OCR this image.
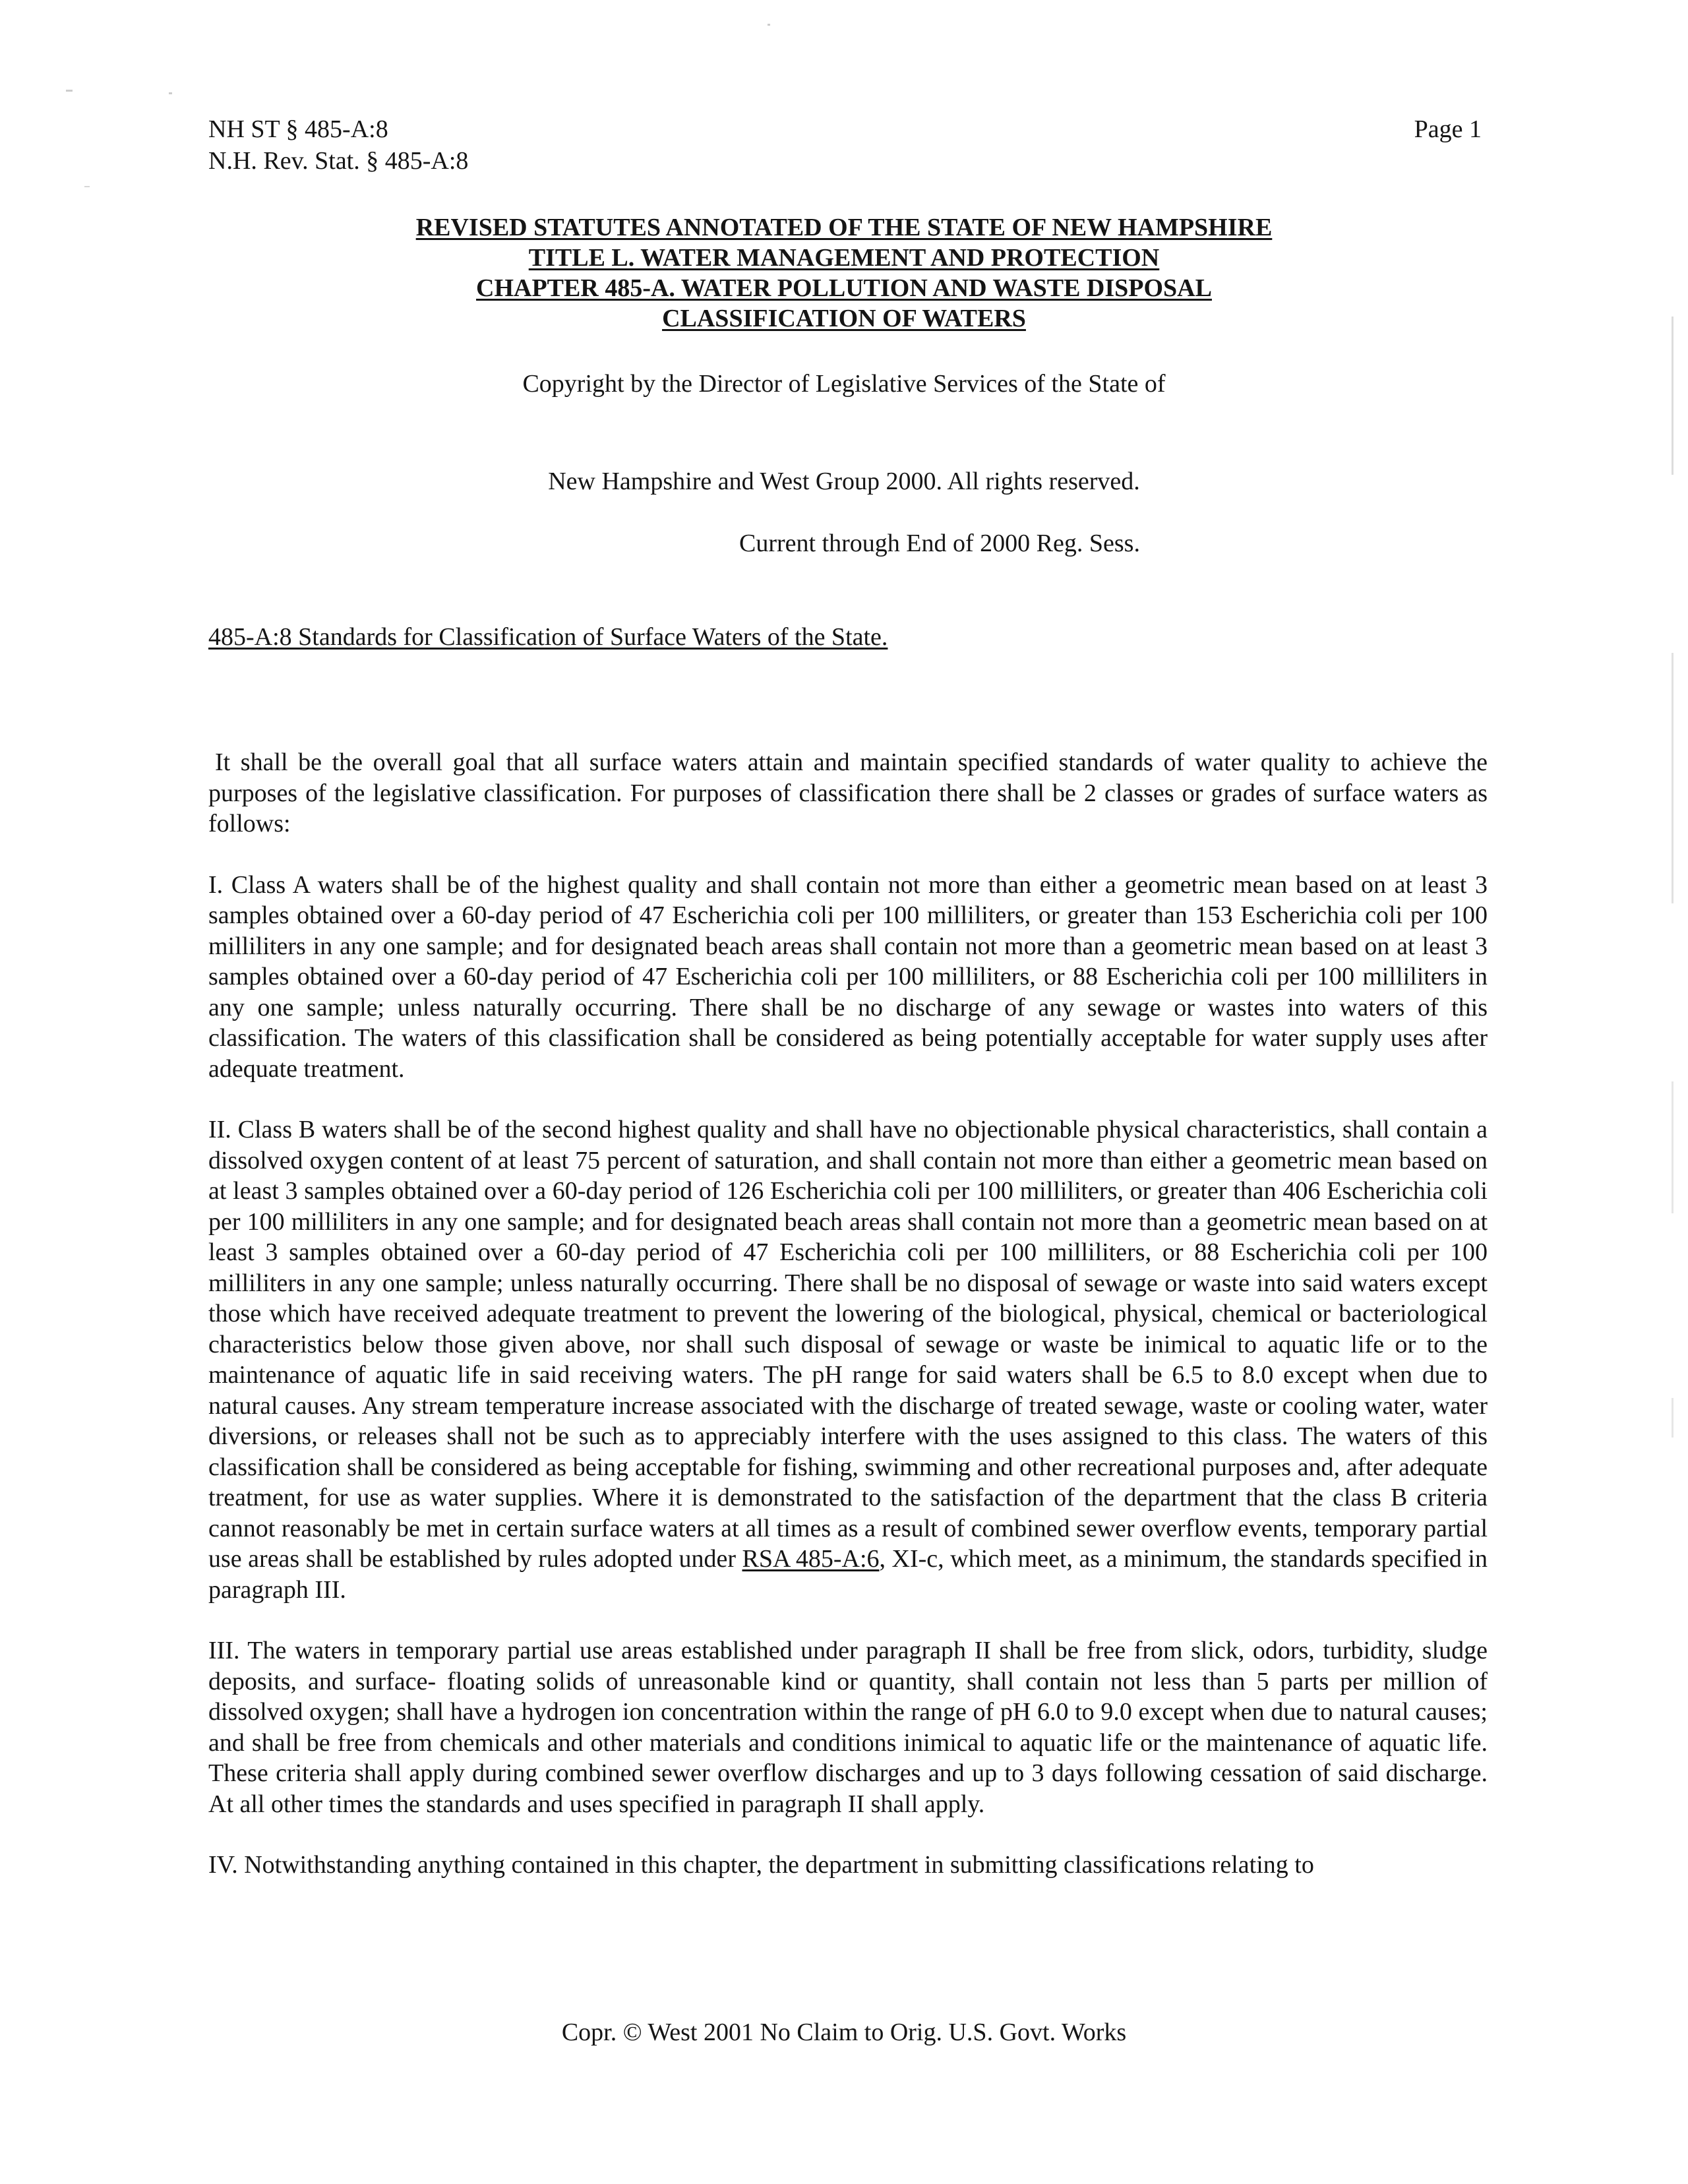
NH ST § 485-A:8
N.H. Rev. Stat. § 485-A:8
Page 1
REVISED STATUTES ANNOTATED OF THE STATE OF NEW HAMPSHIRE
TITLE L. WATER MANAGEMENT AND PROTECTION
CHAPTER 485-A. WATER POLLUTION AND WASTE DISPOSAL
CLASSIFICATION OF WATERS
Copyright by the Director of Legislative Services of the State of
New Hampshire and West Group 2000. All rights reserved.
Current through End of 2000 Reg. Sess.
485-A:8 Standards for Classification of Surface Waters of the State.

It shall be the overall goal that all surface waters attain and maintain specified standards of water quality to achieve the purposes of the legislative classification. For purposes of classification there shall be 2 classes or grades of surface waters as follows:

I. Class A waters shall be of the highest quality and shall contain not more than either a geometric mean based on at least 3 samples obtained over a 60-day period of 47 Escherichia coli per 100 milliliters, or greater than 153 Escherichia coli per 100 milliliters in any one sample; and for designated beach areas shall contain not more than a geometric mean based on at least 3 samples obtained over a 60-day period of 47 Escherichia coli per 100 milliliters, or 88 Escherichia coli per 100 milliliters in any one sample; unless naturally occurring. There shall be no discharge of any sewage or wastes into waters of this classification. The waters of this classification shall be considered as being potentially acceptable for water supply uses after adequate treatment.

II. Class B waters shall be of the second highest quality and shall have no objectionable physical characteristics, shall contain a dissolved oxygen content of at least 75 percent of saturation, and shall contain not more than either a geometric mean based on at least 3 samples obtained over a 60-day period of 126 Escherichia coli per 100 milliliters, or greater than 406 Escherichia coli per 100 milliliters in any one sample; and for designated beach areas shall contain not more than a geometric mean based on at least 3 samples obtained over a 60-day period of 47 Escherichia coli per 100 milliliters, or 88 Escherichia coli per 100 milliliters in any one sample; unless naturally occurring. There shall be no disposal of sewage or waste into said waters except those which have received adequate treatment to prevent the lowering of the biological, physical, chemical or bacteriological characteristics below those given above, nor shall such disposal of sewage or waste be inimical to aquatic life or to the maintenance of aquatic life in said receiving waters. The pH range for said waters shall be 6.5 to 8.0 except when due to natural causes. Any stream temperature increase associated with the discharge of treated sewage, waste or cooling water, water diversions, or releases shall not be such as to appreciably interfere with the uses assigned to this class. The waters of this classification shall be considered as being acceptable for fishing, swimming and other recreational purposes and, after adequate treatment, for use as water supplies. Where it is demonstrated to the satisfaction of the department that the class B criteria cannot reasonably be met in certain surface waters at all times as a result of combined sewer overflow events, temporary partial use areas shall be established by rules adopted under RSA 485-A:6, XI-c, which meet, as a minimum, the standards specified in paragraph III.

III. The waters in temporary partial use areas established under paragraph II shall be free from slick, odors, turbidity, sludge deposits, and surface- floating solids of unreasonable kind or quantity, shall contain not less than 5 parts per million of dissolved oxygen; shall have a hydrogen ion concentration within the range of pH 6.0 to 9.0 except when due to natural causes; and shall be free from chemicals and other materials and conditions inimical to aquatic life or the maintenance of aquatic life. These criteria shall apply during combined sewer overflow discharges and up to 3 days following cessation of said discharge. At all other times the standards and uses specified in paragraph II shall apply.

IV. Notwithstanding anything contained in this chapter, the department in submitting classifications relating to

Copr. © West 2001 No Claim to Orig. U.S. Govt. Works
